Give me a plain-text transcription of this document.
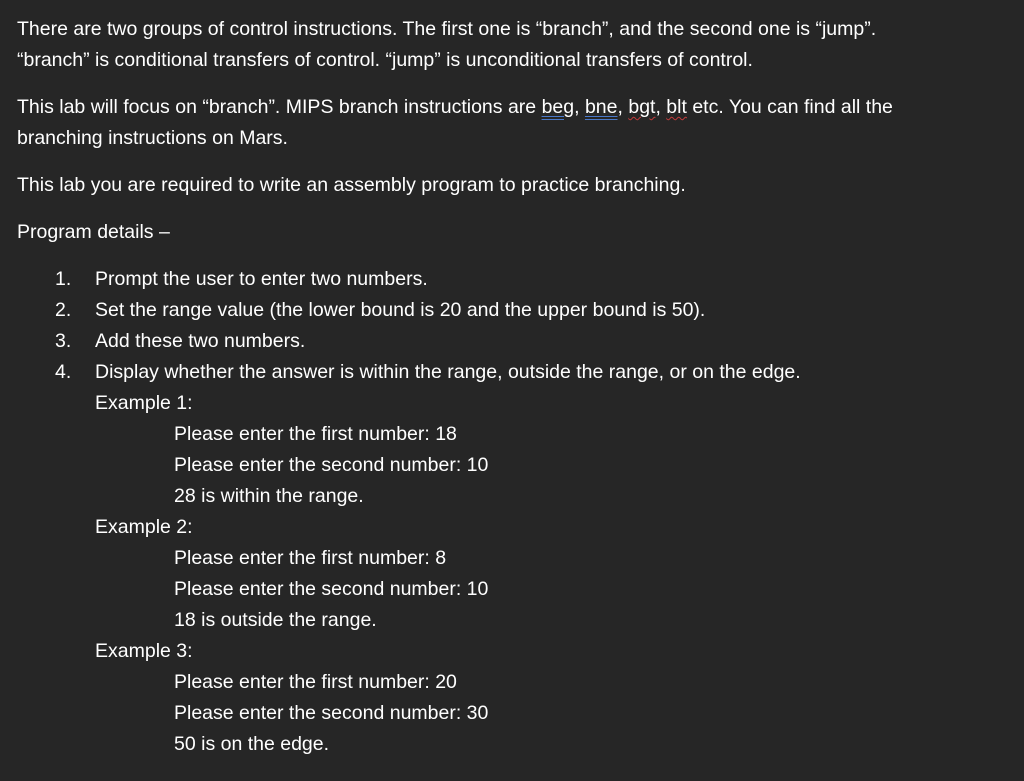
There are two groups of control instructions. The first one is “branch”, and the second one is “jump”.
“branch” is conditional transfers of control. “jump” is unconditional transfers of control.

This lab will focus on “branch”. MIPS branch instructions are beg, bne, bgt, blt etc. You can find all the
branching instructions on Mars.

This lab you are required to write an assembly program to practice branching.

Program details –

1. Prompt the user to enter two numbers.
2. Set the range value (the lower bound is 20 and the upper bound is 50).
3. Add these two numbers.
4. Display whether the answer is within the range, outside the range, or on the edge.

Example 1:

Please enter the first number: 18

Please enter the second number: 10

28 is within the range.

Example 2:

Please enter the first number: 8

Please enter the second number: 10

18 is outside the range.

Example 3:

Please enter the first number: 20

Please enter the second number: 30

50 is on the edge.
